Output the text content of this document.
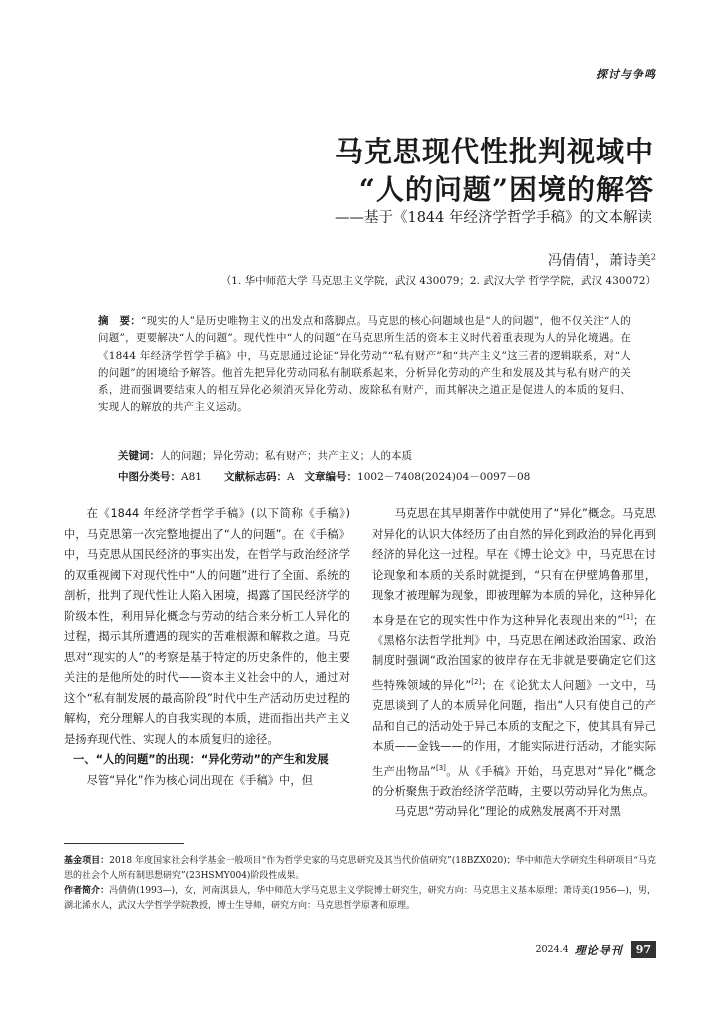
探讨与争鸣
马克思现代性批判视域中
“人的问题”困境的解答
——基于《1844 年经济学哲学手稿》的文本解读
冯倩倩$^1$，萧诗美$^2$
（1. 华中师范大学 马克思主义学院，武汉 430079；2. 武汉大学 哲学学院，武汉 430072）
摘　要：“现实的人”是历史唯物主义的出发点和落脚点。马克思的核心问题域也是“人的问题”，他不仅关注“人的问题”，更要解决“人的问题”。现代性中“人的问题”在马克思所生活的资本主义时代着重表现为人的异化境遇。在《1844 年经济学哲学手稿》中，马克思通过论证“异化劳动”“私有财产”和“共产主义”这三者的逻辑联系，对“人的问题”的困境给予解答。他首先把异化劳动同私有制联系起来，分析异化劳动的产生和发展及其与私有财产的关系，进而强调要结束人的相互异化必须消灭异化劳动、废除私有财产，而其解决之道正是促进人的本质的复归、实现人的解放的共产主义运动。
关键词：人的问题；异化劳动；私有财产；共产主义；人的本质
中图分类号：A81 文献标志码：A 文章编号：1002－7408(2024)04－0097－08

在《1844 年经济学哲学手稿》(以下简称《手稿》)中，马克思第一次完整地提出了“人的问题”。在《手稿》中，马克思从国民经济的事实出发，在哲学与政治经济学的双重视阈下对现代性中“人的问题”进行了全面、系统的剖析，批判了现代性让人陷入困境，揭露了国民经济学的阶级本性，利用异化概念与劳动的结合来分析工人异化的过程，揭示其所遭遇的现实的苦难根源和解救之道。马克思对“现实的人”的考察是基于特定的历史条件的，他主要关注的是他所处的时代——资本主义社会中的人，通过对这个“私有制发展的最高阶段”时代中生产活动历史过程的解构，充分理解人的自我实现的本质，进而指出共产主义是扬弃现代性、实现人的本质复归的途径。

一、“人的问题”的出现：“异化劳动”的产生和发展

尽管“异化”作为核心词出现在《手稿》中，但

马克思在其早期著作中就使用了“异化”概念。马克思对异化的认识大体经历了由自然的异化到政治的异化再到经济的异化这一过程。早在《博士论文》中，马克思在讨论现象和本质的关系时就提到，“只有在伊壁鸠鲁那里，现象才被理解为现象，即被理解为本质的异化，这种异化本身是在它的现实性中作为这种异化表现出来的”[1]；在《黑格尔法哲学批判》中，马克思在阐述政治国家、政治制度时强调“政治国家的彼岸存在无非就是要确定它们这些特殊领域的异化”[2]；在《论犹太人问题》一文中，马克思谈到了人的本质异化问题，指出“人只有使自己的产品和自己的活动处于异己本质的支配之下，使其具有异己本质——金钱——的作用，才能实际进行活动，才能实际生产出物品”[3]。从《手稿》开始，马克思对“异化”概念的分析聚焦于政治经济学范畴，主要以劳动异化为焦点。

马克思“劳动异化”理论的成熟发展离不开对黑

基金项目：2018 年度国家社会科学基金一般项目“作为哲学史家的马克思研究及其当代价值研究”(18BZX020)；华中师范大学研究生科研项目“马克思的社会个人所有制思想研究”(23HSMY004)阶段性成果。
作者简介：冯倩倩(1993—)，女，河南淇县人，华中师范大学马克思主义学院博士研究生，研究方向：马克思主义基本原理；萧诗美(1956—)，男，湖北浠水人，武汉大学哲学学院教授，博士生导师，研究方向：马克思哲学原著和原理。
2024.4 理论导刊	97
